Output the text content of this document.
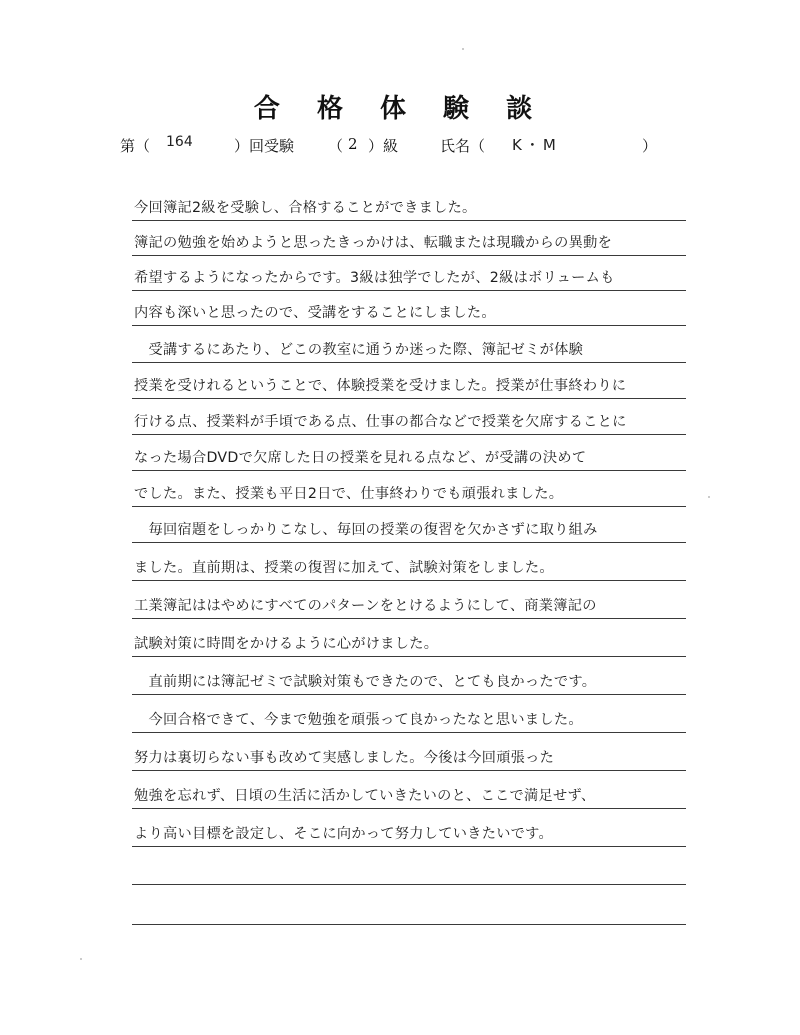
合 格 体 験 談
第（ 164	）回受験 （ 2 ）級	氏名（ K・M	）
今回簿記2級を受験し、合格することができました。
簿記の勉強を始めようと思ったきっかけは、転職または現職からの異動を
希望するようになったからです。3級は独学でしたが、2級はボリュームも
内容も深いと思ったので、受講をすることにしました。
　受講するにあたり、どこの教室に通うか迷った際、簿記ゼミが体験
授業を受けれるということで、体験授業を受けました。授業が仕事終わりに
行ける点、授業料が手頃である点、仕事の都合などで授業を欠席することに
なった場合DVDで欠席した日の授業を見れる点など、が受講の決めて
でした。また、授業も平日2日で、仕事終わりでも頑張れました。
　毎回宿題をしっかりこなし、毎回の授業の復習を欠かさずに取り組み
ました。直前期は、授業の復習に加えて、試験対策をしました。
工業簿記ははやめにすべてのパターンをとけるようにして、商業簿記の
試験対策に時間をかけるように心がけました。
　直前期には簿記ゼミで試験対策もできたので、とても良かったです。
　今回合格できて、今まで勉強を頑張って良かったなと思いました。
努力は裏切らない事も改めて実感しました。今後は今回頑張った
勉強を忘れず、日頃の生活に活かしていきたいのと、ここで満足せず、
より高い目標を設定し、そこに向かって努力していきたいです。
